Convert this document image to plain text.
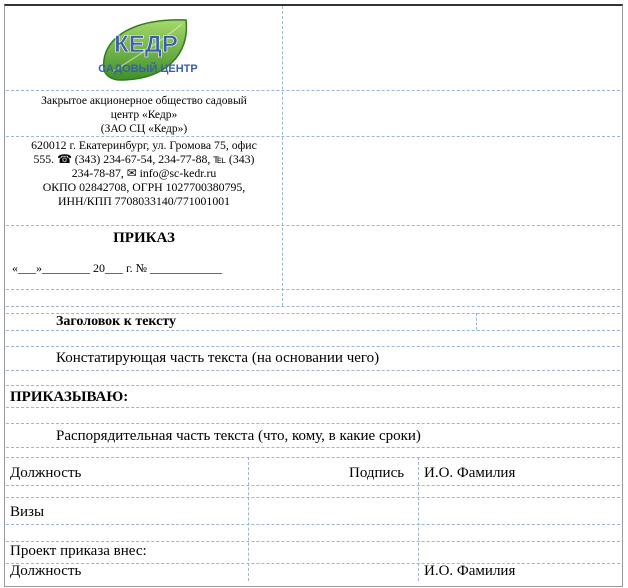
КЕДР
САДОВЫЙ ЦЕНТР
Закрытое акционерное общество садовый
центр «Кедр»
(ЗАО СЦ «Кедр»)
620012 г. Екатеринбург, ул. Громова 75, офис
555. ☎ (343) 234-67-54, 234-77-88, ℡ (343)
234-78-87, ✉ info@sc-kedr.ru
ОКПО 02842708, ОГРН 1027700380795,
ИНН/КПП 7708033140/771001001
ПРИКАЗ
«___»________ 20___ г. № ____________
Заголовок к тексту
Констатирующая часть текста (на основании чего)
ПРИКАЗЫВАЮ:
Распорядительная часть текста (что, кому, в какие сроки)
Должность	Подпись И.О. Фамилия
Визы
Проект приказа внес:
Должность	И.О. Фамилия
